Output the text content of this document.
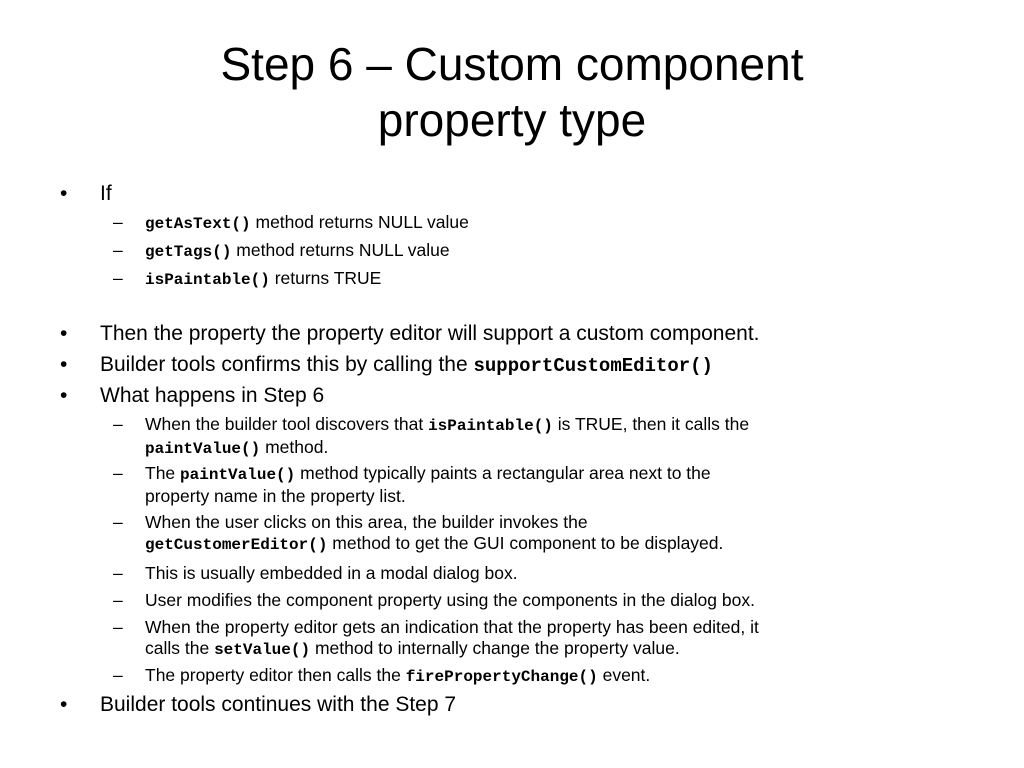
Step 6 – Custom component
property type
•	If
–	getAsText() method returns NULL value
–	getTags() method returns NULL value
–	isPaintable() returns TRUE
•	Then the property the property editor will support a custom component.
•	Builder tools confirms this by calling the supportCustomEditor()
•	What happens in Step 6
–	When the builder tool discovers that isPaintable() is TRUE, then it calls the
paintValue() method.
–	The paintValue() method typically paints a rectangular area next to the
property name in the property list.
–	When the user clicks on this area, the builder invokes the
getCustomerEditor() method to get the GUI component to be displayed.
–	This is usually embedded in a modal dialog box.
–	User modifies the component property using the components in the dialog box.
–	When the property editor gets an indication that the property has been edited, it
calls the setValue() method to internally change the property value.
–	The property editor then calls the firePropertyChange() event.
•	Builder tools continues with the Step 7
